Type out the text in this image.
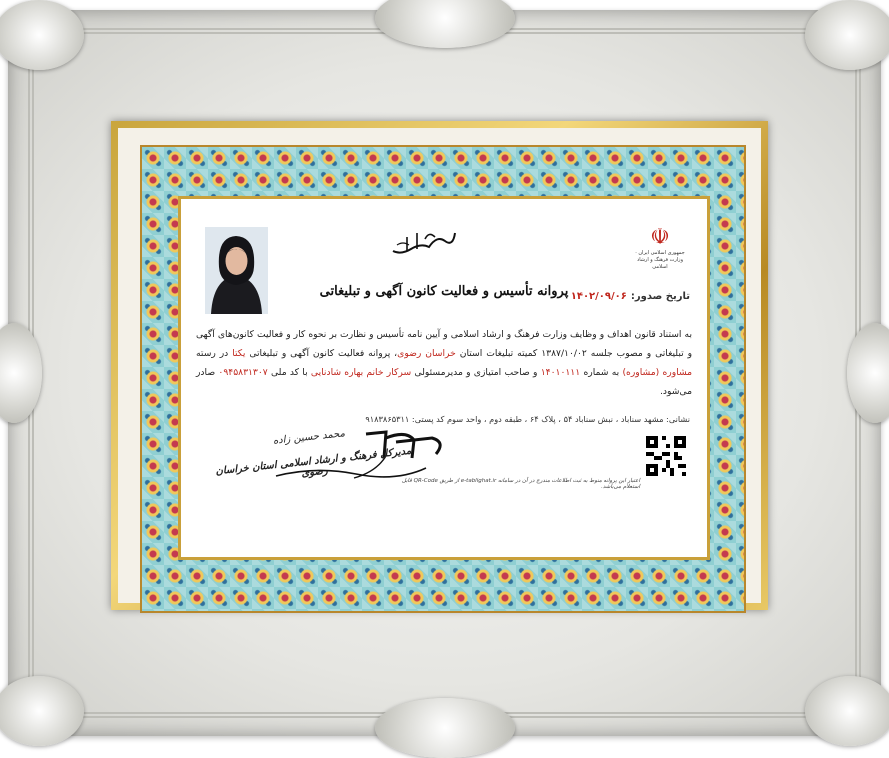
☫
جمهوری اسلامی ایران · وزارت فرهنگ و ارشاد اسلامی
پروانه تأسیس و فعالیت کانون آگهی و تبلیغاتی	تاریخ صدور:۱۴۰۲/۰۹/۰۶
به استناد قانون اهداف و وظایف وزارت فرهنگ و ارشاد اسلامی و آیین نامه تأسیس و نظارت بر نحوه کار و فعالیت کانون‌های آگهی و تبلیغاتی و مصوب جلسه ۱۳۸۷/۱۰/۰۲ کمیته تبلیغات استان خراسان رضوی، پروانه فعالیت کانون آگهی و تبلیغاتی یکتا در رسته مشاوره (مشاوره) به شماره ۱۴۰۱۰۱۱۱ و صاحب امتیازی و مدیرمسئولی سرکار خانم بهاره شادنایی با کد ملی ۰۹۴۵۸۳۱۳۰۷ صادر می‌شود.
نشانی: مشهد سناباد ، نبش سناباد ۵۴ ، پلاک ۶۴ ، طبقه دوم ، واحد سوم کد پستی: ۹۱۸۳۸۶۵۳۱۱
محمد حسین زاده
مدیرکل فرهنگ و ارشاد اسلامی استان خراسان رضوی
اعتبار این پروانه منوط به ثبت اطلاعات مندرج در آن در سامانه e-tablighat.ir از طریق QR-Code قابل استعلام می‌باشد.
